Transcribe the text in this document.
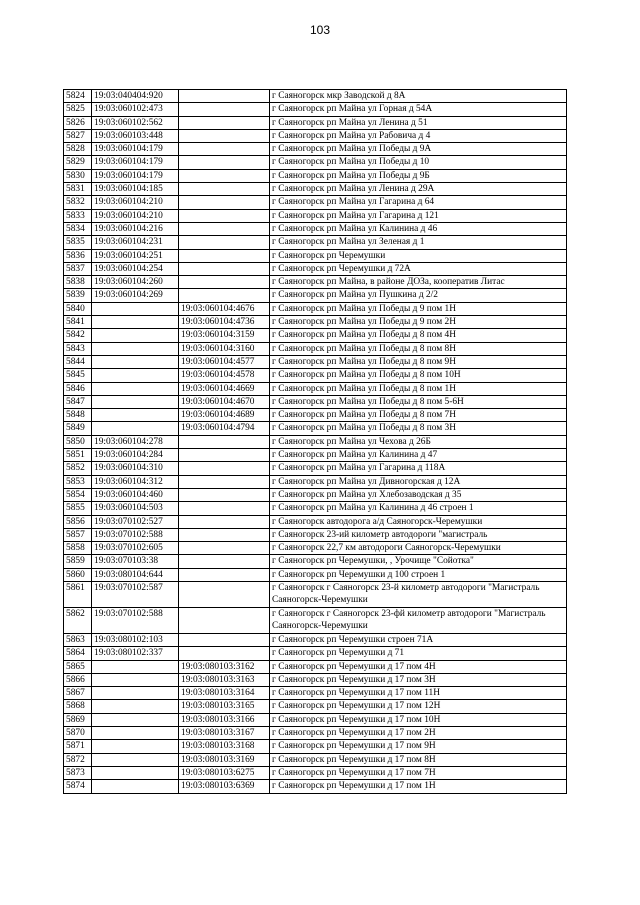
103
5824	19:03:040404:920		г Саяногорск мкр Заводской д 8А
5825	19:03:060102:473		г Саяногорск рп Майна ул Горная д 54А
5826	19:03:060102:562		г Саяногорск рп Майна ул Ленина д 51
5827	19:03:060103:448		г Саяногорск рп Майна ул Рабовича д 4
5828	19:03:060104:179		г Саяногорск рп Майна ул Победы д 9А
5829	19:03:060104:179		г Саяногорск рп Майна ул Победы д 10
5830	19:03:060104:179		г Саяногорск рп Майна ул Победы д 9Б
5831	19:03:060104:185		г Саяногорск рп Майна ул Ленина д 29А
5832	19:03:060104:210		г Саяногорск рп Майна ул Гагарина д 64
5833	19:03:060104:210		г Саяногорск рп Майна ул Гагарина д 121
5834	19:03:060104:216		г Саяногорск рп Майна ул Калинина д 46
5835	19:03:060104:231		г Саяногорск рп Майна ул Зеленая д 1
5836	19:03:060104:251		г Саяногорск рп Черемушки
5837	19:03:060104:254		г Саяногорск рп Черемушки д 72А
5838	19:03:060104:260		г Саяногорск рп Майна, в районе ДОЗа, кооператив Литас
5839	19:03:060104:269		г Саяногорск рп Майна ул Пушкина д 2/2
5840		19:03:060104:4676	г Саяногорск рп Майна ул Победы д 9 пом 1Н
5841		19:03:060104:4736	г Саяногорск рп Майна ул Победы д 9 пом 2Н
5842		19:03:060104:3159	г Саяногорск рп Майна ул Победы д 8 пом 4Н
5843		19:03:060104:3160	г Саяногорск рп Майна ул Победы д 8 пом 8Н
5844		19:03:060104:4577	г Саяногорск рп Майна ул Победы д 8 пом 9Н
5845		19:03:060104:4578	г Саяногорск рп Майна ул Победы д 8 пом 10Н
5846		19:03:060104:4669	г Саяногорск рп Майна ул Победы д 8 пом 1Н
5847		19:03:060104:4670	г Саяногорск рп Майна ул Победы д 8 пом 5-6Н
5848		19:03:060104:4689	г Саяногорск рп Майна ул Победы д 8 пом 7Н
5849		19:03:060104:4794	г Саяногорск рп Майна ул Победы д 8 пом 3Н
5850	19:03:060104:278		г Саяногорск рп Майна ул Чехова д 26Б
5851	19:03:060104:284		г Саяногорск рп Майна ул Калинина д 47
5852	19:03:060104:310		г Саяногорск рп Майна ул Гагарина д 118А
5853	19:03:060104:312		г Саяногорск рп Майна ул Дивногорская д 12А
5854	19:03:060104:460		г Саяногорск рп Майна ул Хлебозаводская д 35
5855	19:03:060104:503		г Саяногорск рп Майна ул Калинина д 46 строен 1
5856	19:03:070102:527		г Саяногорск автодорога а/д Саяногорск-Черемушки
5857	19:03:070102:588		г Саяногорск 23-ий километр автодороги "магистраль
5858	19:03:070102:605		г Саяногорск 22,7 км автодороги Саяногорск-Черемушки
5859	19:03:070103:38		г Саяногорск рп Черемушки, , Урочище "Сойотка"
5860	19:03:080104:644		г Саяногорск рп Черемушки д 100 строен 1
5861	19:03:070102:587		г Саяногорск г Саяногорск 23-й километр автодороги "Магистраль Саяногорск-Черемушки
5862	19:03:070102:588		г Саяногорск г Саяногорск 23-фй километр автодороги "Магистраль Саяногорск-Черемушки
5863	19:03:080102:103		г Саяногорск рп Черемушки строен 71А
5864	19:03:080102:337		г Саяногорск рп Черемушки д 71
5865		19:03:080103:3162	г Саяногорск рп Черемушки д 17 пом 4Н
5866		19:03:080103:3163	г Саяногорск рп Черемушки д 17 пом 3Н
5867		19:03:080103:3164	г Саяногорск рп Черемушки д 17 пом 11Н
5868		19:03:080103:3165	г Саяногорск рп Черемушки д 17 пом 12Н
5869		19:03:080103:3166	г Саяногорск рп Черемушки д 17 пом 10Н
5870		19:03:080103:3167	г Саяногорск рп Черемушки д 17 пом 2Н
5871		19:03:080103:3168	г Саяногорск рп Черемушки д 17 пом 9Н
5872		19:03:080103:3169	г Саяногорск рп Черемушки д 17 пом 8Н
5873		19:03:080103:6275	г Саяногорск рп Черемушки д 17 пом 7Н
5874		19:03:080103:6369	г Саяногорск рп Черемушки д 17 пом 1Н
